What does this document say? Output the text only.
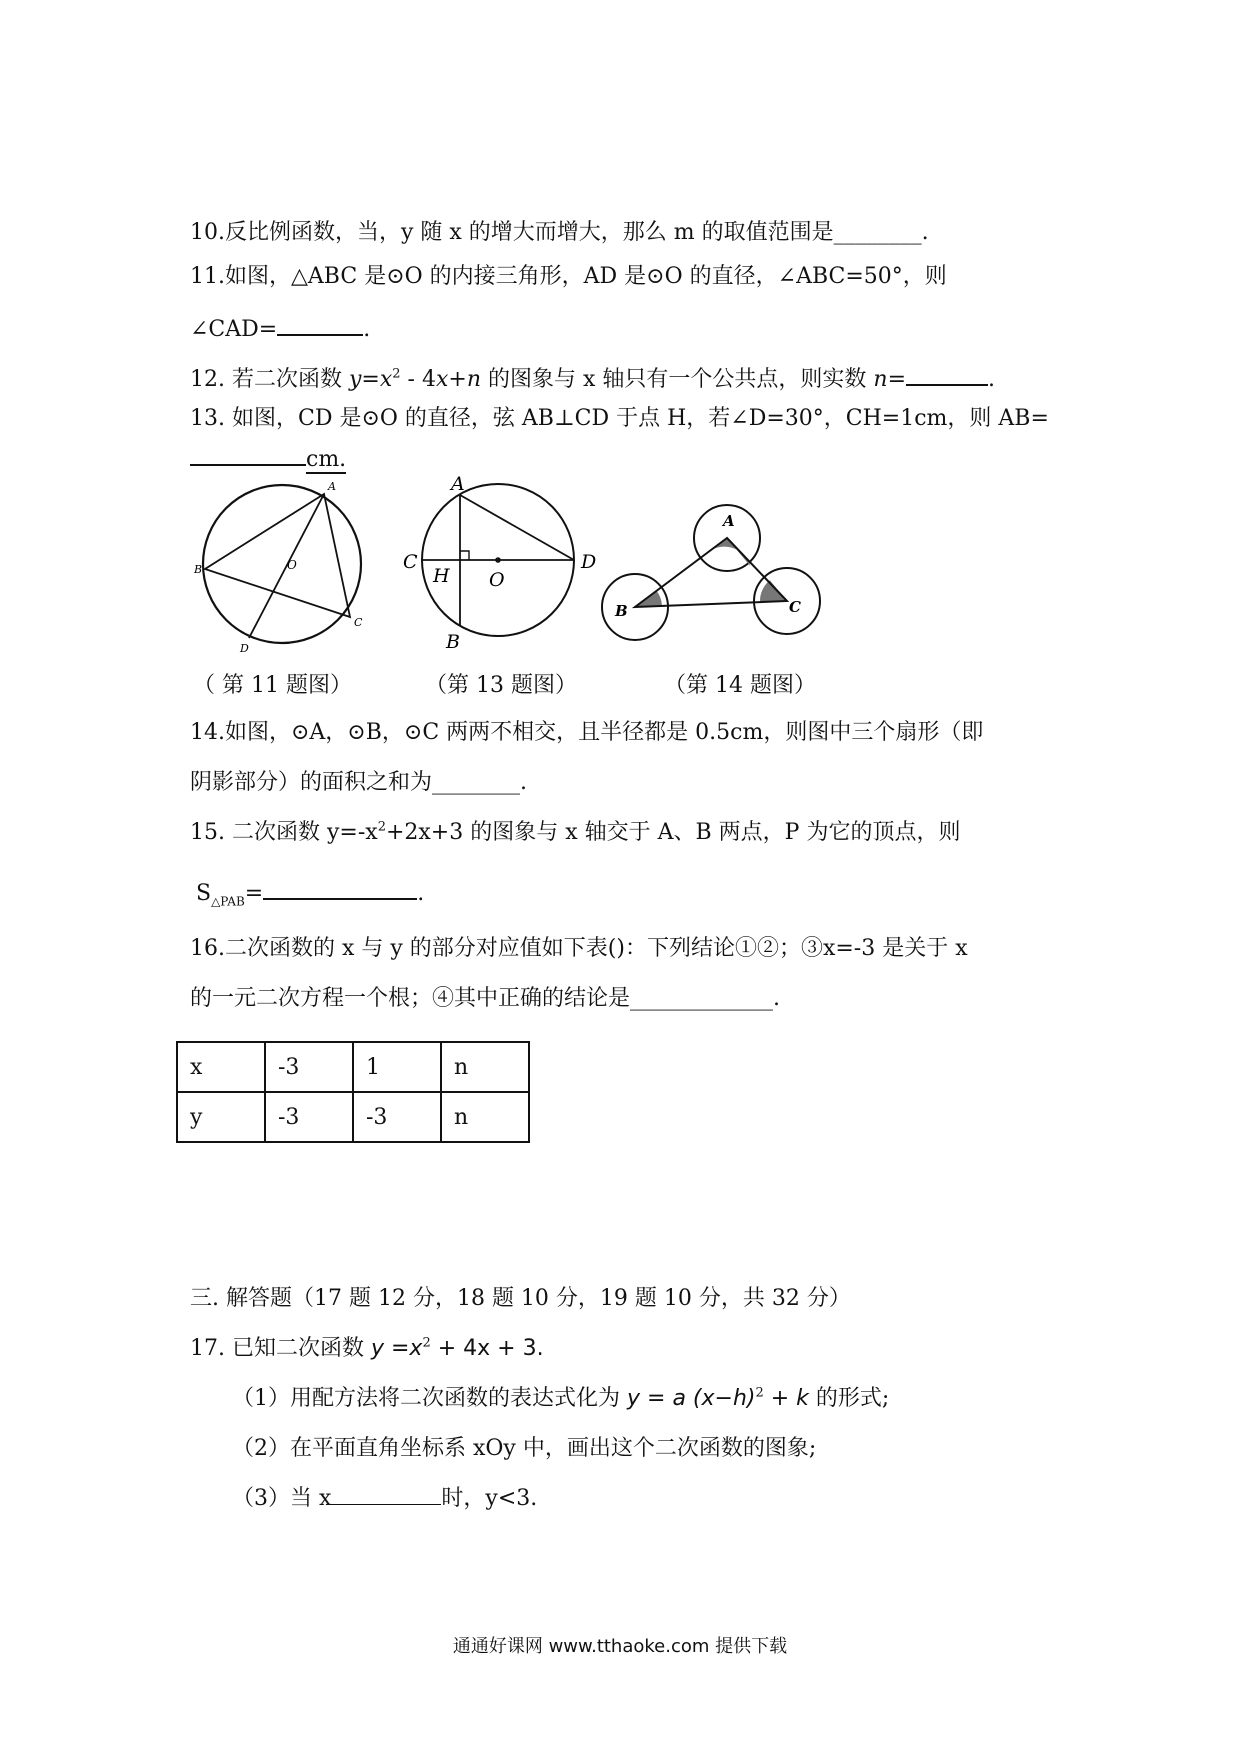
10.反比例函数，当，y 随 x 的增大而增大，那么 m 的取值范围是________.
11.如图，△ABC 是⊙O 的内接三角形，AD 是⊙O 的直径，∠ABC=50°，则
∠CAD=	.
12. 若二次函数 $y=x^2 - 4x+n$ 的图象与 x 轴只有一个公共点，则实数 n=	.
13. 如图，CD 是⊙O 的直径，弦 AB⊥CD 于点 H，若∠D=30°，CH=1cm，则 AB=
cm.
A
B
C
D
O
A
C	D
H O
B
A
B	C
（ 第 11 题图）	（第 13 题图）	（第 14 题图）
14.如图，⊙A，⊙B，⊙C 两两不相交，且半径都是 0.5cm，则图中三个扇形（即
阴影部分）的面积之和为________.
15. 二次函数 $y=-x^2+2x+3$ 的图象与 x 轴交于 A、B 两点，P 为它的顶点，则
$S_{\triangle PAB}=$	.
16.二次函数的 x 与 y 的部分对应值如下表()：下列结论①②；③x=-3 是关于 x
的一元二次方程一个根；④其中正确的结论是_____________.
x	-3	1	n
y	-3	-3	n
三. 解答题（17 题 12 分，18 题 10 分，19 题 10 分，共 32 分）
17. 已知二次函数 $y =x^2 + 4x + 3$.
（1）用配方法将二次函数的表达式化为 y = a $(x-h)^2 + k$ 的形式;
（2）在平面直角坐标系 xOy 中，画出这个二次函数的图象;
（3）当 x	时，y<3.
通通好课网 www.tthaoke.com 提供下载
